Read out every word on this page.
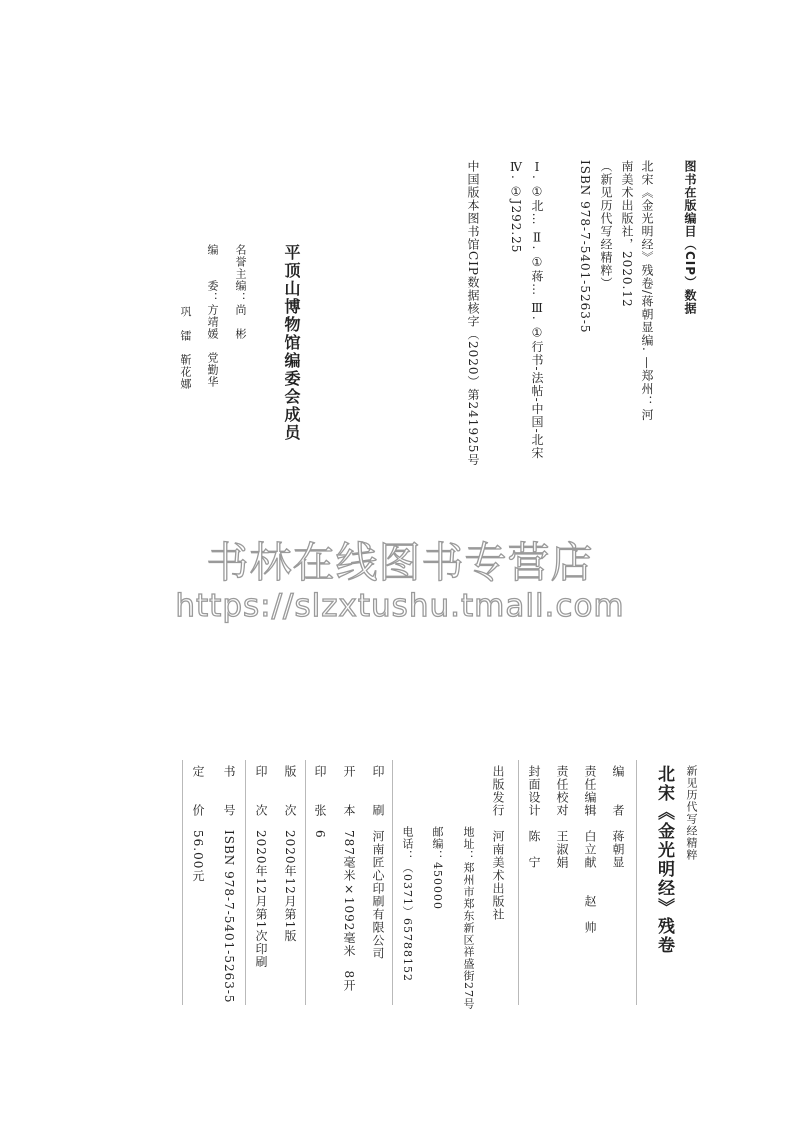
图书在版编目（CIP）数据
北宋《金光明经》残卷/蒋朝显编. —郑州：河
南美术出版社，2020.12
（新见历代写经精粹）
ISBN 978-7-5401-5263-5
Ⅰ. ①北… Ⅱ. ①蒋… Ⅲ. ①行书-法帖-中国-北宋
Ⅳ. ①J292.25
中国版本图书馆CIP数据核字（2020）第241925号
平顶山博物馆编委会成员
名誉主编：尚　彬
编　　委：方靖媛　党勤华
巩　镭　靳花娜
书林在线图书专营店
https://slzxtushu.tmall.com
新见历代写经精粹
北宋《金光明经》残卷
编　　者　蒋朝显
责任编辑　白立献　　赵　帅
责任校对　王淑娟
封面设计　陈　宁
出版发行　河南美术出版社
地址：郑州市郑东新区祥盛街27号
邮编：450000
电话：（0371）65788152
印　　刷　河南匠心印刷有限公司
开　　本　787毫米×1092毫米　8开
印　　张　6
版　　次　2020年12月第1版
印　　次　2020年12月第1次印刷
书　　号　ISBN 978-7-5401-5263-5
定　　价　56.00元
